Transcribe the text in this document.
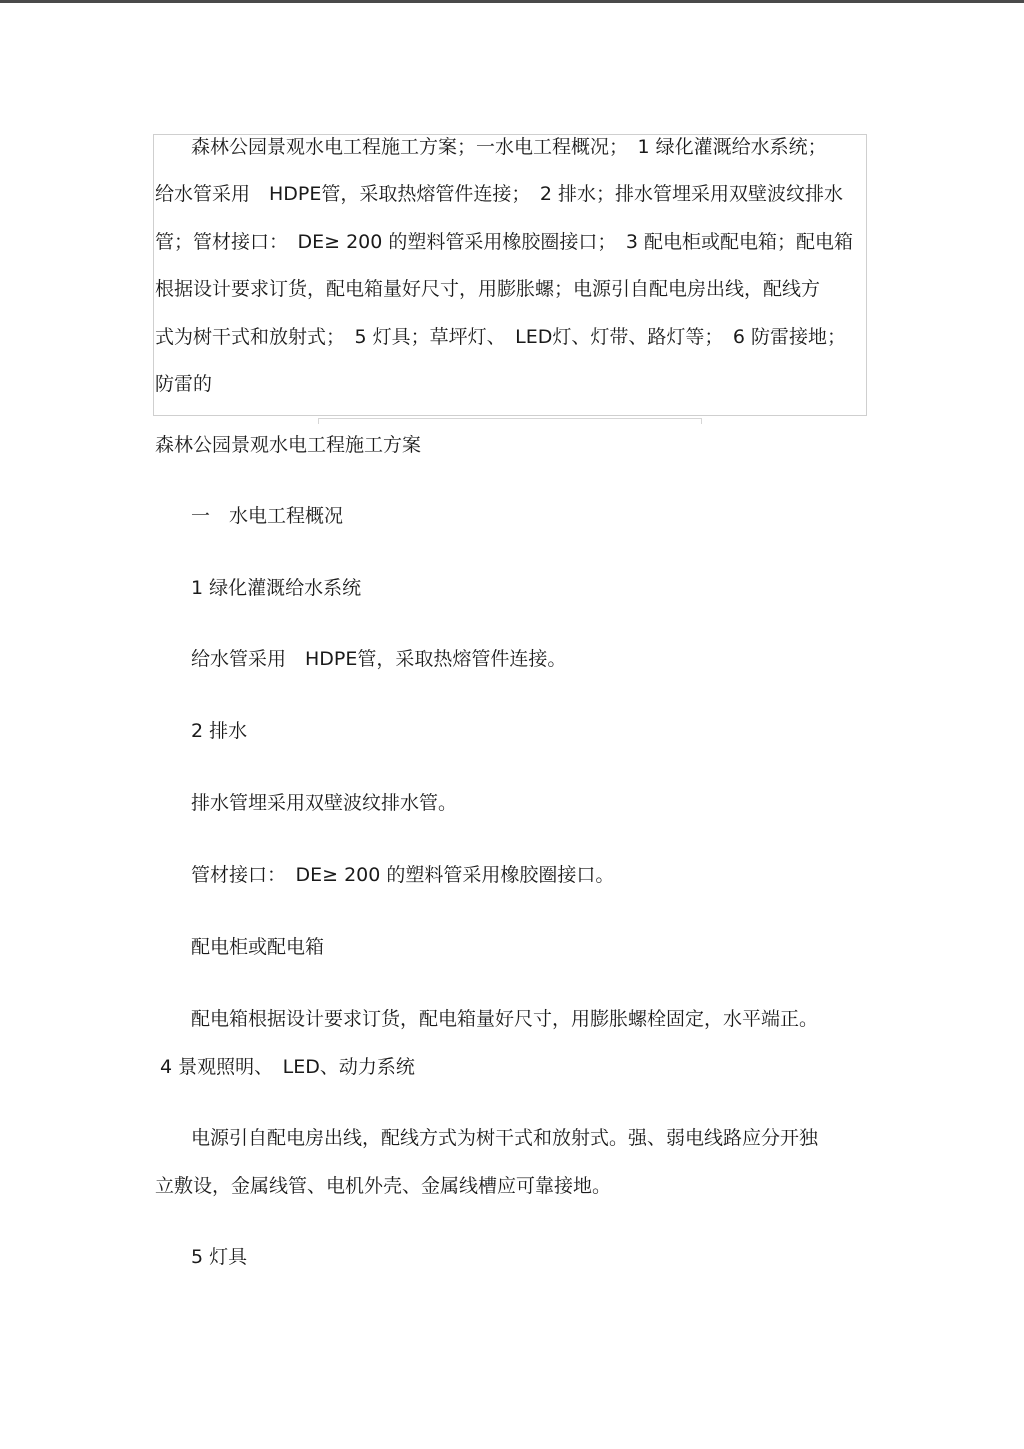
森林公园景观水电工程施工方案；一水电工程概况；　1 绿化灌溉给水系统；
给水管采用　HDPE管，采取热熔管件连接；　2 排水；排水管埋采用双壁波纹排水
管；管材接口：　DE≥ 200 的塑料管采用橡胶圈接口；　3 配电柜或配电箱；配电箱
根据设计要求订货，配电箱量好尺寸，用膨胀螺；电源引自配电房出线，配线方
式为树干式和放射式；　5 灯具；草坪灯、　LED灯、灯带、路灯等；　6 防雷接地；
防雷的
森林公园景观水电工程施工方案
一　水电工程概况
1 绿化灌溉给水系统
给水管采用　HDPE管，采取热熔管件连接。
2 排水
排水管埋采用双壁波纹排水管。
管材接口：　DE≥ 200 的塑料管采用橡胶圈接口。
配电柜或配电箱
配电箱根据设计要求订货，配电箱量好尺寸，用膨胀螺栓固定，水平端正。
4 景观照明、　LED、动力系统
电源引自配电房出线，配线方式为树干式和放射式。强、弱电线路应分开独
立敷设，金属线管、电机外壳、金属线槽应可靠接地。
5 灯具
